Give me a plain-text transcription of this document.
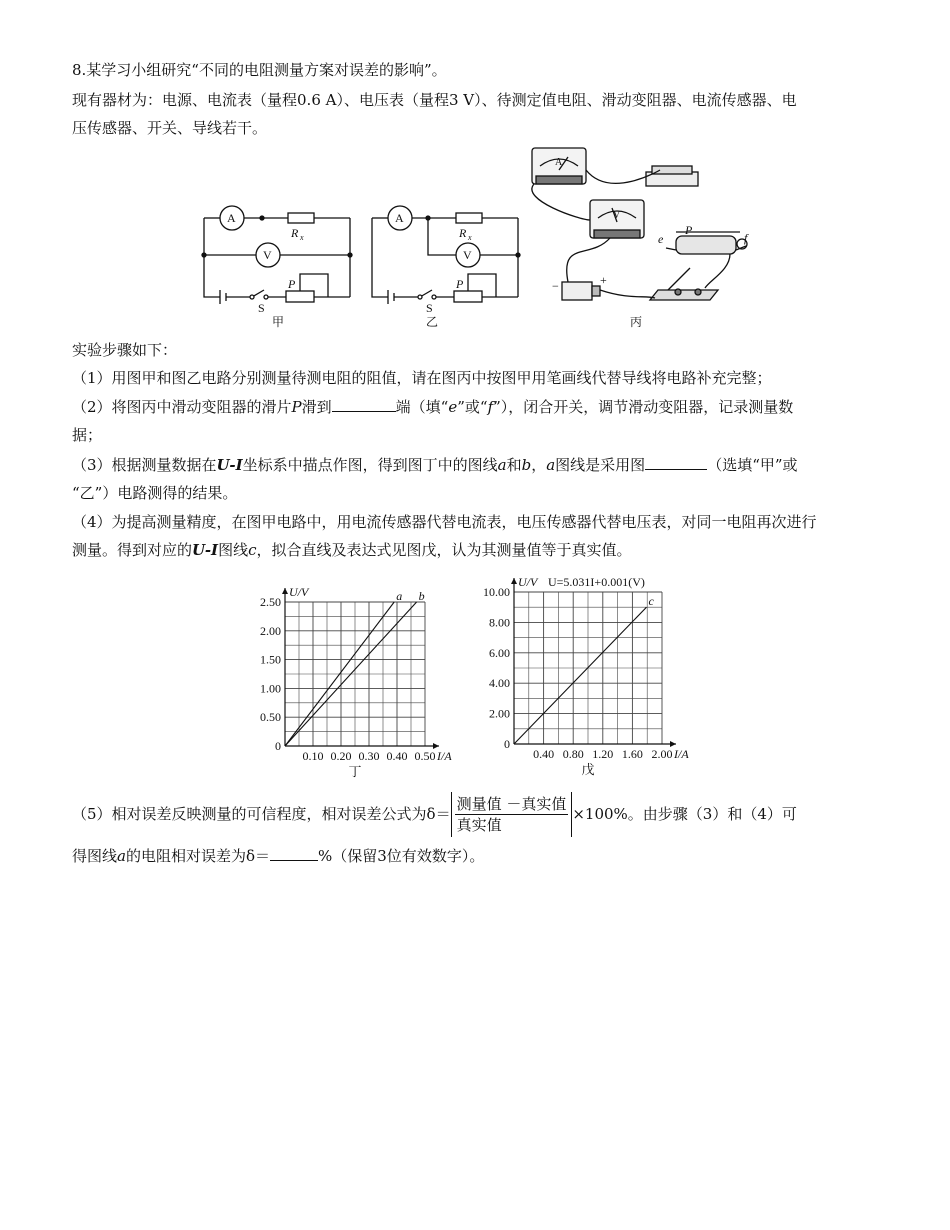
8.某学习小组研究“不同的电阻测量方案对误差的影响”。
现有器材为：电源、电流表（量程0.6 A）、电压表（量程3 V）、待测定值电阻、滑动变阻器、电流传感器、电
压传感器、开关、导线若干。
A
V
R x
P
S
甲
A
V
R x
P
S
乙
A
V
e
P
f
−	+
丙
实验步骤如下：
（1）用图甲和图乙电路分别测量待测电阻的阻值，请在图丙中按图甲用笔画线代替导线将电路补充完整；
（2）将图丙中滑动变阻器的滑片P滑到	端（填“e”或“f”），闭合开关，调节滑动变阻器，记录测量数
据；
（3）根据测量数据在U-I坐标系中描点作图，得到图丁中的图线a和b，a图线是采用图	（选填“甲”或
“乙”）电路测得的结果。
（4）为提高测量精度，在图甲电路中，用电流传感器代替电流表，电压传感器代替电压表，对同一电阻再次进行
测量。得到对应的U-I图线c，拟合直线及表达式见图戊，认为其测量值等于真实值。
0.10 0.20 0.30 0.40 0.50
0.50
1.00
1.50
2.00
2.50
0
U/V
I/A
a b
丁
0.40 0.80 1.20 1.60 2.00
2.00
4.00
6.00
8.00
10.00
0
U/V
I/A
c
U=5.031I+0.001(V)
戊
（5）相对误差反映测量的可信程度，相对误差公式为$\delta= \frac{\text{测量值 －真实值}}{\text{真实值}} \times 100\%$。由步骤（3）和（4）可
得图线a的电阻相对误差为δ＝	%（保留3位有效数字）。
